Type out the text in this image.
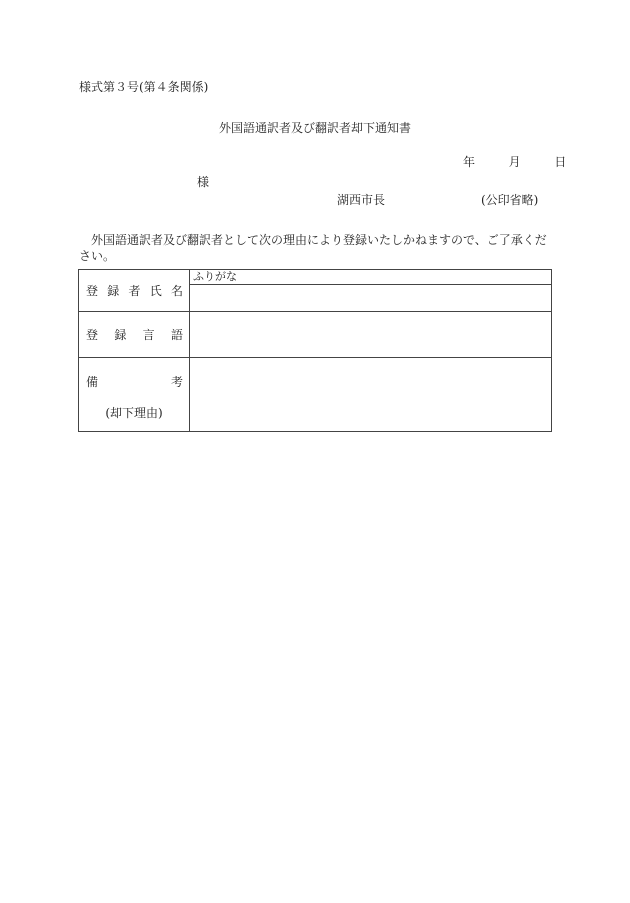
様式第３号(第４条関係)
外国語通訳者及び翻訳者却下通知書
年	月	日
様
湖西市長	(公印省略)
外国語通訳者及び翻訳者として次の理由により登録いたしかねますので、ご了承ください。
登 録 者 氏 名	ふりがな

登 録 言 語	

備 考
(却下理由)	
